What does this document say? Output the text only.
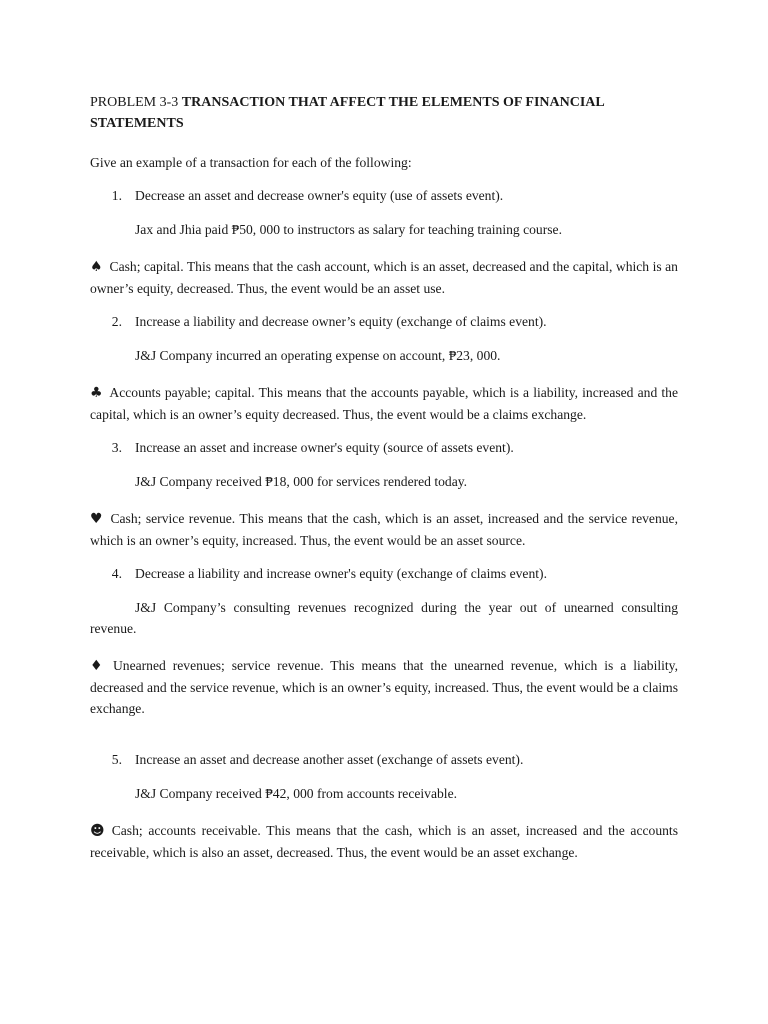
PROBLEM 3-3 TRANSACTION THAT AFFECT THE ELEMENTS OF FINANCIAL STATEMENTS

Give an example of a transaction for each of the following:

1. Decrease an asset and decrease owner's equity (use of assets event).

Jax and Jhia paid ₱50, 000 to instructors as salary for teaching training course.

♠ Cash; capital. This means that the cash account, which is an asset, decreased and the capital, which is an owner’s equity, decreased. Thus, the event would be an asset use.

2. Increase a liability and decrease owner’s equity (exchange of claims event).

J&J Company incurred an operating expense on account, ₱23, 000.

♣ Accounts payable; capital. This means that the accounts payable, which is a liability, increased and the capital, which is an owner’s equity decreased. Thus, the event would be a claims exchange.

3. Increase an asset and increase owner's equity (source of assets event).

J&J Company received ₱18, 000 for services rendered today.

♥ Cash; service revenue. This means that the cash, which is an asset, increased and the service revenue, which is an owner’s equity, increased. Thus, the event would be an asset source.

4. Decrease a liability and increase owner's equity (exchange of claims event).

J&J Company’s consulting revenues recognized during the year out of unearned consulting revenue.

♦ Unearned revenues; service revenue. This means that the unearned revenue, which is a liability, decreased and the service revenue, which is an owner’s equity, increased. Thus, the event would be a claims exchange.

5. Increase an asset and decrease another asset (exchange of assets event).

J&J Company received ₱42, 000 from accounts receivable.

☻ Cash; accounts receivable. This means that the cash, which is an asset, increased and the accounts receivable, which is also an asset, decreased. Thus, the event would be an asset exchange.
